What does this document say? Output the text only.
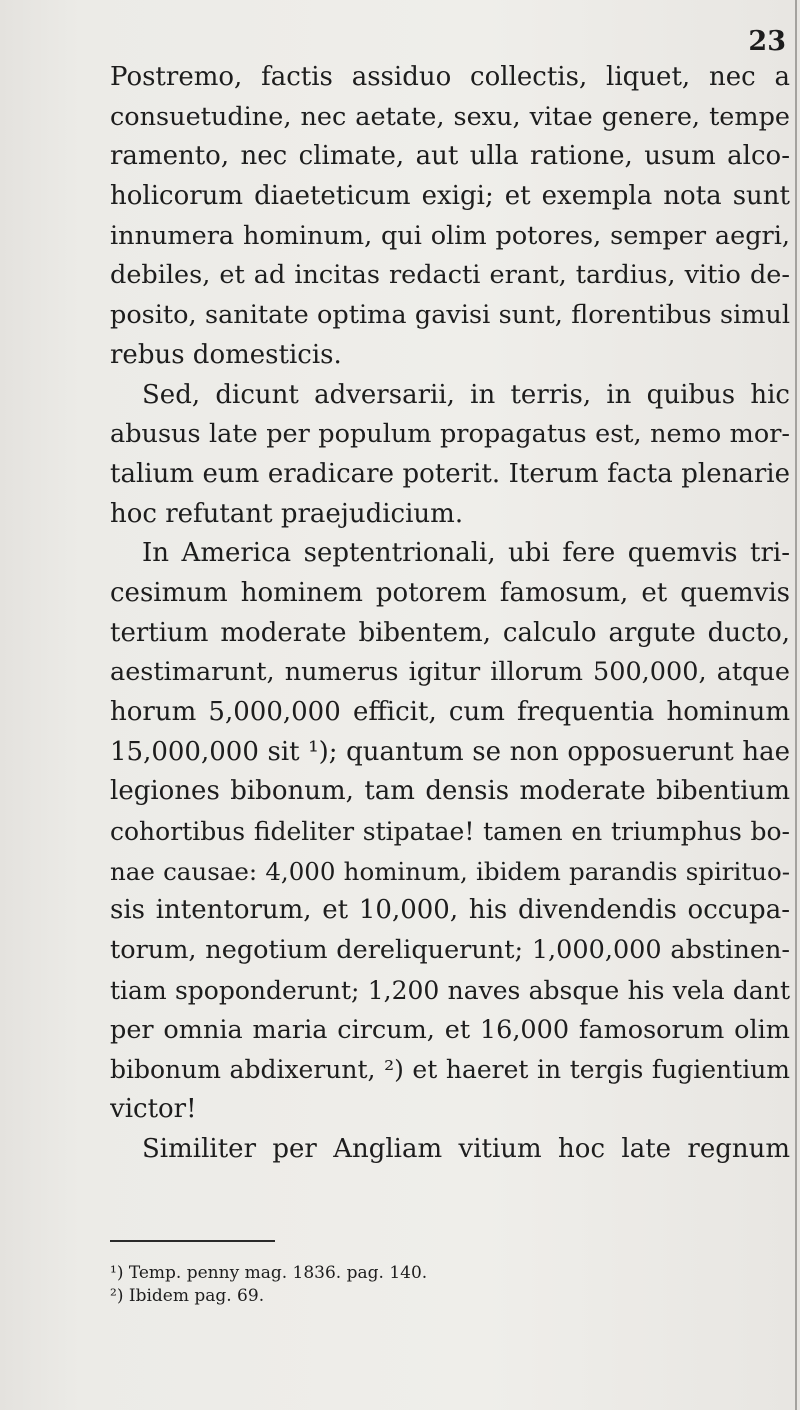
23
Postremo, factis assiduo collectis, liquet, nec a
consuetudine, nec aetate, sexu, vitae genere, tempe
ramento, nec climate, aut ulla ratione, usum alco-
holicorum diaeteticum exigi; et exempla nota sunt
innumera hominum, qui olim potores, semper aegri,
debiles, et ad incitas redacti erant, tardius, vitio de-
posito, sanitate optima gavisi sunt, florentibus simul
rebus domesticis.
Sed, dicunt adversarii, in terris, in quibus hic
abusus late per populum propagatus est, nemo mor-
talium eum eradicare poterit. Iterum facta plenarie
hoc refutant praejudicium.
In America septentrionali, ubi fere quemvis tri-
cesimum hominem potorem famosum, et quemvis
tertium moderate bibentem, calculo argute ducto,
aestimarunt, numerus igitur illorum 500,000, atque
horum 5,000,000 efficit, cum frequentia hominum
15,000,000 sit ¹); quantum se non opposuerunt hae
legiones bibonum, tam densis moderate bibentium
cohortibus fideliter stipatae! tamen en triumphus bo-
nae causae: 4,000 hominum, ibidem parandis spirituo-
sis intentorum, et 10,000, his divendendis occupa-
torum, negotium dereliquerunt; 1,000,000 abstinen-
tiam spoponderunt; 1,200 naves absque his vela dant
per omnia maria circum, et 16,000 famosorum olim
bibonum abdixerunt, ²) et haeret in tergis fugientium
victor!
Similiter per Angliam vitium hoc late regnum
¹) Temp. penny mag. 1836. pag. 140.
²) Ibidem pag. 69.
